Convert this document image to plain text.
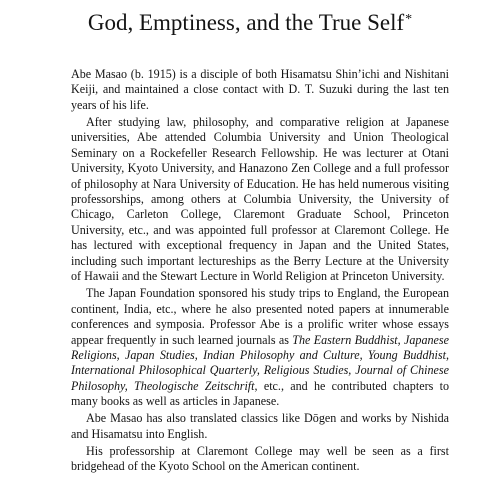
God, Emptiness, and the True Self*

Abe Masao (b. 1915) is a disciple of both Hisamatsu Shin’ichi and Nishitani Keiji, and maintained a close contact with D. T. Suzuki during the last ten years of his life.

After studying law, philosophy, and comparative religion at Japanese universities, Abe attended Columbia University and Union Theological Seminary on a Rockefeller Research Fellowship. He was lecturer at Otani University, Kyoto University, and Hanazono Zen College and a full professor of philosophy at Nara University of Education. He has held numerous visiting professorships, among others at Columbia University, the University of Chicago, Carleton College, Claremont Graduate School, Princeton University, etc., and was appointed full professor at Claremont College. He has lectured with exceptional frequency in Japan and the United States, including such important lectureships as the Berry Lecture at the University of Hawaii and the Stewart Lecture in World Religion at Princeton University.

The Japan Foundation sponsored his study trips to England, the European continent, India, etc., where he also presented noted papers at innumerable conferences and symposia. Professor Abe is a prolific writer whose essays appear frequently in such learned journals as The Eastern Buddhist, Japanese Religions, Japan Studies, Indian Philosophy and Culture, Young Buddhist, International Philosophical Quarterly, Religious Studies, Journal of Chinese Philosophy, Theologische Zeitschrift, etc., and he contributed chapters to many books as well as articles in Japanese.

Abe Masao has also translated classics like Dōgen and works by Nishida and Hisamatsu into English.

His professorship at Claremont College may well be seen as a first bridgehead of the Kyoto School on the American continent.
